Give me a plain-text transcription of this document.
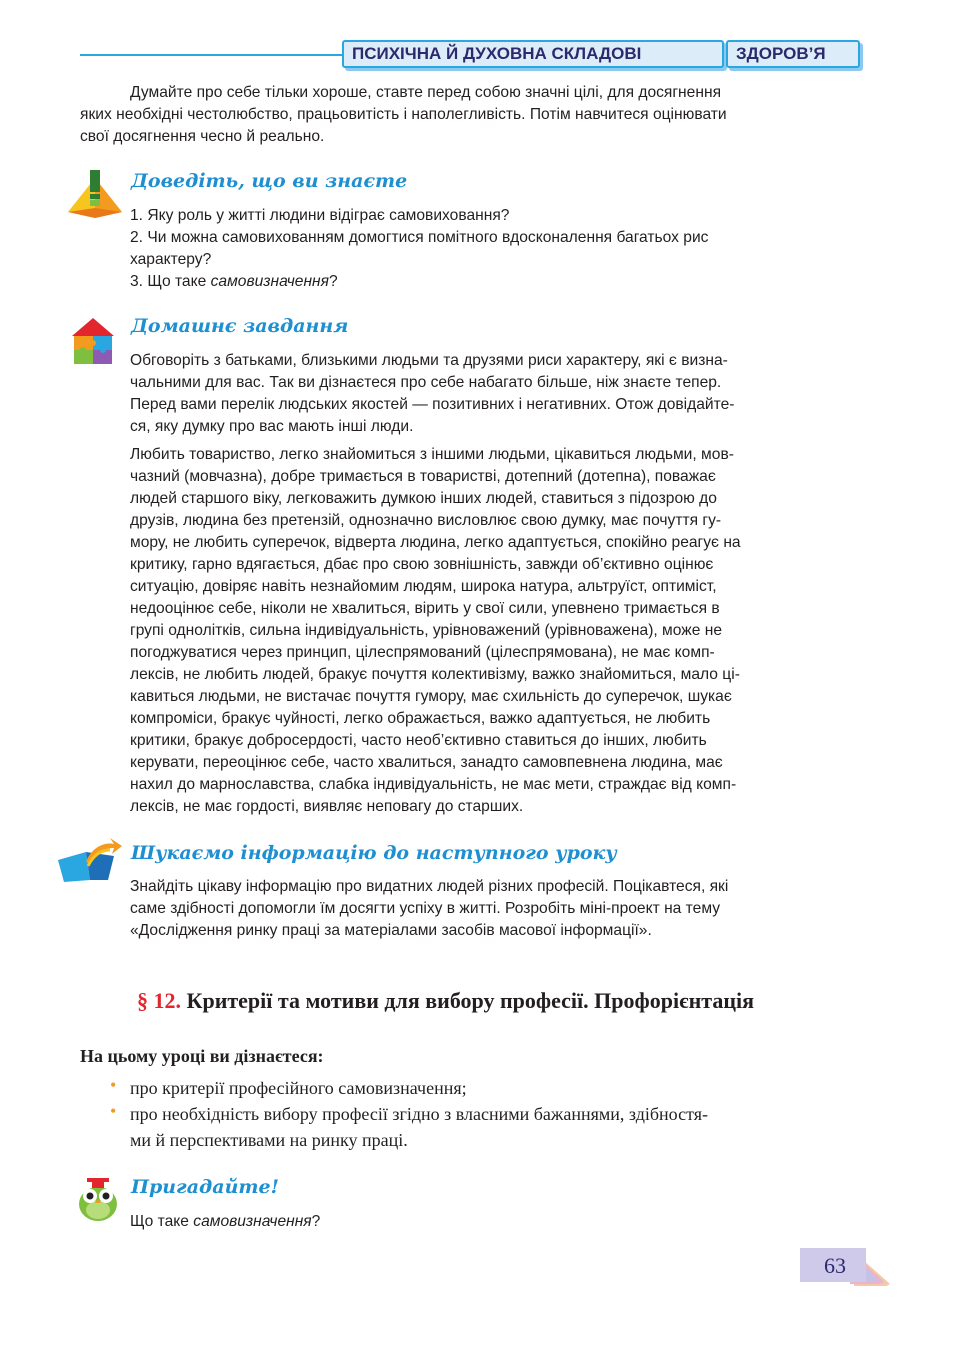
ПСИХІЧНА Й ДУХОВНА СКЛАДОВІ	ЗДОРОВ’Я
Думайте про себе тільки хороше, ставте перед собою значні цілі, для досягнення
яких необхідні честолюбство, працьовитість і наполегливість. Потім навчитеся оцінювати
свої досягнення чесно й реально.
Доведіть, що ви знаєте
1. Яку роль у житті людини відіграє самовиховання?
2. Чи можна самовихованням домогтися помітного вдосконалення багатьох рис
характеру?
3. Що таке самовизначення?
Домашнє завдання
Обговоріть з батьками, близькими людьми та друзями риси характеру, які є визна-
чальними для вас. Так ви дізнаєтеся про себе набагато більше, ніж знаєте тепер.
Перед вами перелік людських якостей — позитивних і негативних. Отож довідайте-
ся, яку думку про вас мають інші люди.
Любить товариство, легко знайомиться з іншими людьми, цікавиться людьми, мов-
чазний (мовчазна), добре тримається в товаристві, дотепний (дотепна), поважає
людей старшого віку, легковажить думкою інших людей, ставиться з підозрою до
друзів, людина без претензій, однозначно висловлює свою думку, має почуття гу-
мору, не любить суперечок, відверта людина, легко адаптується, спокійно реагує на
критику, гарно вдягається, дбає про свою зовнішність, завжди об’єктивно оцінює
ситуацію, довіряє навіть незнайомим людям, широка натура, альтруїст, оптиміст,
недооцінює себе, ніколи не хвалиться, вірить у свої сили, упевнено тримається в
групі однолітків, сильна індивідуальність, урівноважений (урівноважена), може не
погоджуватися через принцип, цілеспрямований (цілеспрямована), не має комп-
лексів, не любить людей, бракує почуття колективізму, важко знайомиться, мало ці-
кавиться людьми, не вистачає почуття гумору, має схильність до суперечок, шукає
компроміси, бракує чуйності, легко ображається, важко адаптується, не любить
критики, бракує добросердості, часто необ’єктивно ставиться до інших, любить
керувати, переоцінює себе, часто хвалиться, занадто самовпевнена людина, має
нахил до марнославства, слабка індивідуальність, не має мети, страждає від комп-
лексів, не має гордості, виявляє неповагу до старших.
Шукаємо інформацію до наступного уроку
Знайдіть цікаву інформацію про видатних людей різних професій. Поцікавтеся, які
саме здібності допомогли їм досягти успіху в житті. Розробіть міні-проект на тему
«Дослідження ринку праці за матеріалами засобів масової інформації».
§ 12. Критерії та мотиви для вибору професії. Профорієнтація
На цьому уроці ви дізнаєтеся:
• про критерії професійного самовизначення;
• про необхідність вибору професії згідно з власними бажаннями, здібностя-
ми й перспективами на ринку праці.
Пригадайте!
Що таке самовизначення?
63
